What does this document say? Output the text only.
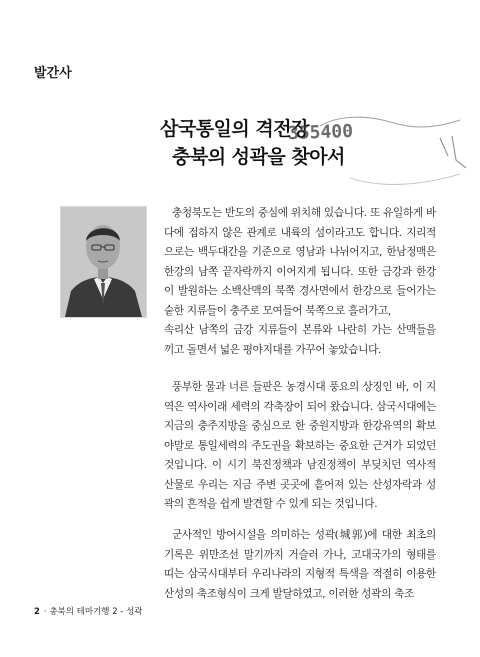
발간사
삼국통일의 격전장
355400
충북의 성곽을 찾아서

충청북도는 반도의 중심에 위치해 있습니다. 또 유일하게 바다에 접하지 않은 관계로 내륙의 섬이라고도 합니다. 지리적으로는 백두대간을 기준으로 영남과 나뉘어지고, 한남정맥은 한강의 남쪽 끝자락까지 이어지게 됩니다. 또한 금강과 한강이 발원하는 소백산맥의 북쪽 경사면에서 한강으로 들어가는 숱한 지류들이 충주로 모여들어 북쪽으로 흘러가고,

속리산 남쪽의 금강 지류들이 본류와 나란히 가는 산맥들을 끼고 돌면서 넓은 평야지대를 가꾸어 놓았습니다.

풍부한 물과 너른 들판은 농경시대 풍요의 상징인 바, 이 지역은 역사이래 세력의 각축장이 되어 왔습니다. 삼국시대에는 지금의 충주지방을 중심으로 한 중원지방과 한강유역의 확보야말로 통일세력의 주도권을 확보하는 중요한 근거가 되었던 것입니다. 이 시기 북진정책과 남진정책이 부딪치던 역사적 산물로 우리는 지금 주변 곳곳에 흩어져 있는 산성자락과 성곽의 흔적을 쉽게 발견할 수 있게 되는 것입니다.

군사적인 방어시설을 의미하는 성곽(城郭)에 대한 최초의 기록은 위만조선 말기까지 거슬러 가나, 고대국가의 형태를 띠는 삼국시대부터 우리나라의 지형적 특색을 적절히 이용한 산성의 축조형식이 크게 발달하였고, 이러한 성곽의 축조

2 · 충북의 테마기행 2 - 성곽
